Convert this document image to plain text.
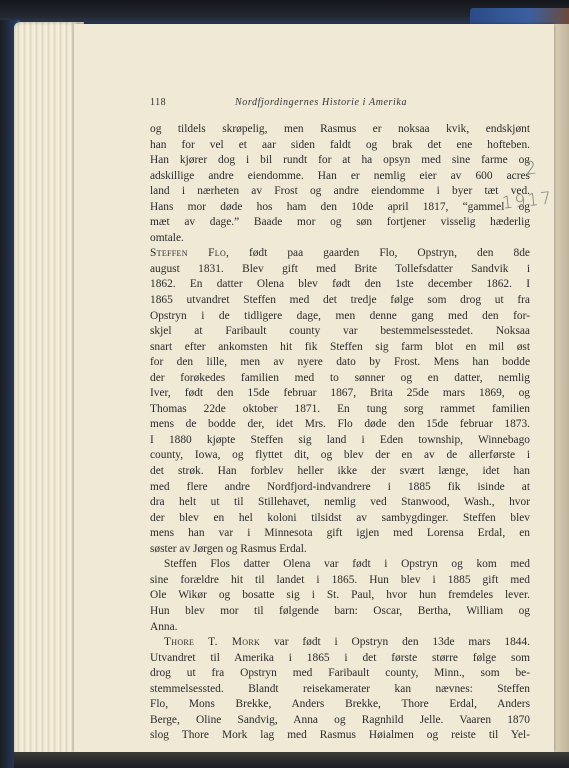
118	Nordfjordingernes Historie i Amerika
og tildels skrøpelig, men Rasmus er noksaa kvik, endskjønt
han for vel et aar siden faldt og brak det ene hofteben.
Han kjører dog i bil rundt for at ha opsyn med sine farme og
adskillige andre eiendomme. Han er nemlig eier av 600 acres
land i nærheten av Frost og andre eiendomme i byer tæt ved.
Hans mor døde hos ham den 10de april 1817, “gammel og
mæt av dage.” Baade mor og søn fortjener visselig hæderlig
omtale.
Steffen Flo, født paa gaarden Flo, Opstryn, den 8de
august 1831. Blev gift med Brite Tollefsdatter Sandvik i
1862. En datter Olena blev født den 1ste december 1862. I
1865 utvandret Steffen med det tredje følge som drog ut fra
Opstryn i de tidligere dage, men denne gang med den for-
skjel at Faribault county var bestemmelsesstedet. Noksaa
snart efter ankomsten hit fik Steffen sig farm blot en mil øst
for den lille, men av nyere dato by Frost. Mens han bodde
der forøkedes familien med to sønner og en datter, nemlig
Iver, født den 15de februar 1867, Brita 25de mars 1869, og
Thomas 22de oktober 1871. En tung sorg rammet familien
mens de bodde der, idet Mrs. Flo døde den 15de februar 1873.
I 1880 kjøpte Steffen sig land i Eden township, Winnebago
county, Iowa, og flyttet dit, og blev der en av de allerførste i
det strøk. Han forblev heller ikke der svært længe, idet han
med flere andre Nordfjord-indvandrere i 1885 fik isinde at
dra helt ut til Stillehavet, nemlig ved Stanwood, Wash., hvor
der blev en hel koloni tilsidst av sambygdinger. Steffen blev
mens han var i Minnesota gift igjen med Lorensa Erdal, en
søster av Jørgen og Rasmus Erdal.
Steffen Flos datter Olena var født i Opstryn og kom med
sine forældre hit til landet i 1865. Hun blev i 1885 gift med
Ole Wikør og bosatte sig i St. Paul, hvor hun fremdeles lever.
Hun blev mor til følgende barn: Oscar, Bertha, William og
Anna.
Thore T. Mork var født i Opstryn den 13de mars 1844.
Utvandret til Amerika i 1865 i det første større følge som
drog ut fra Opstryn med Faribault county, Minn., som be-
stemmelsessted. Blandt reisekamerater kan nævnes: Steffen
Flo, Mons Brekke, Anders Brekke, Thore Erdal, Anders
Berge, Oline Sandvig, Anna og Ragnhild Jelle. Vaaren 1870
slog Thore Mork lag med Rasmus Høialmen og reiste til Yel-
2
1917
